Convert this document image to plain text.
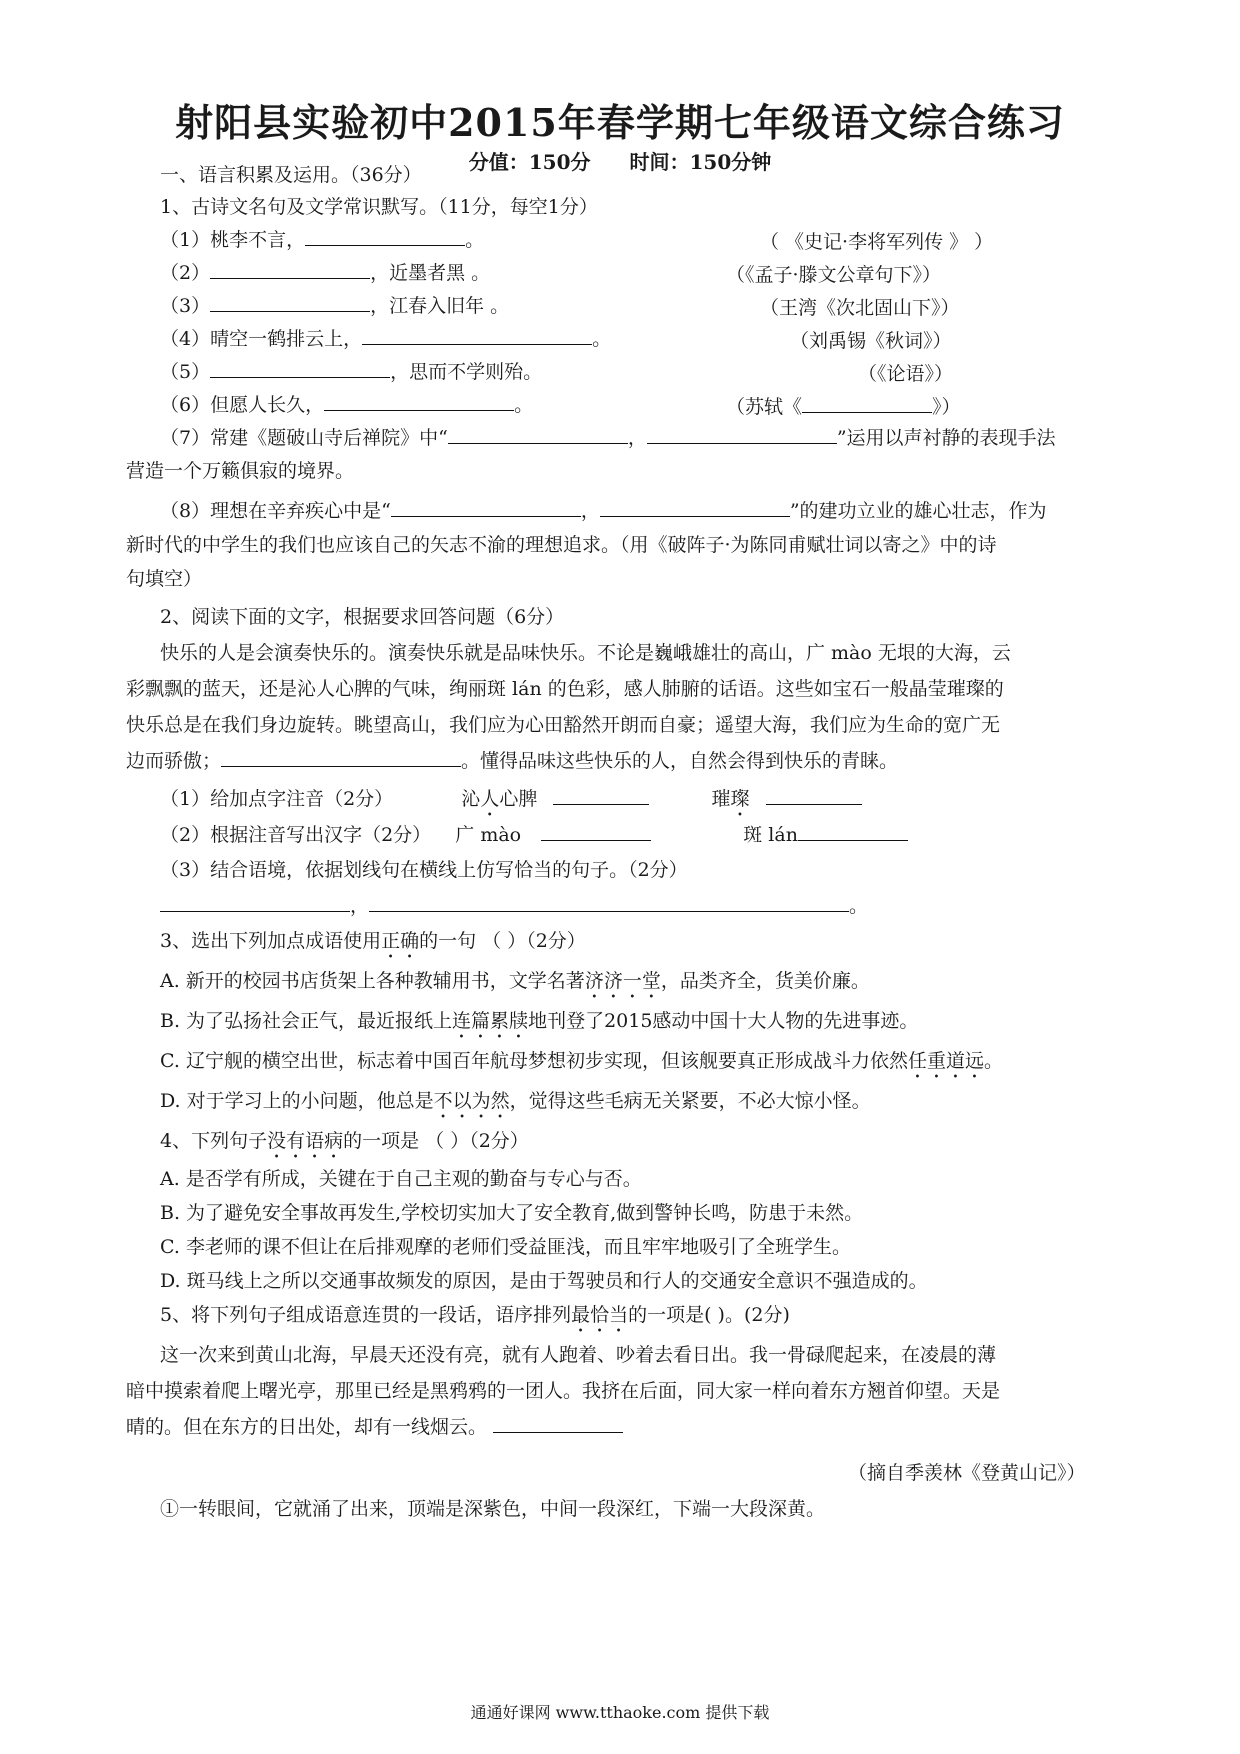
射阳县实验初中2015年春学期七年级语文综合练习
分值：150分 时间：150分钟
一、语言积累及运用。（36分）
1、古诗文名句及文学常识默写。（11分，每空1分）
（1）桃李不言，	。	（ 《史记·李将军列传 》 ）
（2）	，近墨者黑 。	（《孟子·滕文公章句下》）
（3）	，江春入旧年 。	（王湾《次北固山下》）
（4）晴空一鹤排云上，	。	（刘禹锡《秋词》）
（5）	，思而不学则殆。	（《论语》）
（6）但愿人长久，	。	（苏轼《	》）
（7）常建《题破山寺后禅院》中“	，	”运用以声衬静的表现手法
营造一个万籁俱寂的境界。
（8）理想在辛弃疾心中是“	，	”的建功立业的雄心壮志，作为
新时代的中学生的我们也应该自己的矢志不渝的理想追求。（用《破阵子·为陈同甫赋壮词以寄之》中的诗
句填空）
2、阅读下面的文字，根据要求回答问题（6分）
快乐的人是会演奏快乐的。演奏快乐就是品味快乐。不论是巍峨雄壮的高山，广 mào 无垠的大海，云
彩飘飘的蓝天，还是沁人心脾的气味，绚丽斑 lán 的色彩，感人肺腑的话语。这些如宝石一般晶莹璀璨的
快乐总是在我们身边旋转。眺望高山，我们应为心田豁然开朗而自豪；遥望大海，我们应为生命的宽广无
边而骄傲；	。懂得品味这些快乐的人，自然会得到快乐的青睐。
（1）给加点字注音（2分）	沁人心脾	璀璨
（2）根据注音写出汉字（2分） 广 mào	斑 lán
（3）结合语境，依据划线句在横线上仿写恰当的句子。（2分）
，	。
3、选出下列加点成语使用正确的一句 （ ）（2分）
A. 新开的校园书店货架上各种教辅用书，文学名著济济一堂，品类齐全，货美价廉。
B. 为了弘扬社会正气，最近报纸上连篇累牍地刊登了2015感动中国十大人物的先进事迹。
C. 辽宁舰的横空出世，标志着中国百年航母梦想初步实现，但该舰要真正形成战斗力依然任重道远。
D. 对于学习上的小问题，他总是不以为然，觉得这些毛病无关紧要，不必大惊小怪。
4、下列句子没有语病的一项是 （ ）（2分）
A. 是否学有所成，关键在于自己主观的勤奋与专心与否。
B. 为了避免安全事故再发生,学校切实加大了安全教育,做到警钟长鸣，防患于未然。
C. 李老师的课不但让在后排观摩的老师们受益匪浅，而且牢牢地吸引了全班学生。
D. 斑马线上之所以交通事故频发的原因，是由于驾驶员和行人的交通安全意识不强造成的。
5、将下列句子组成语意连贯的一段话，语序排列最恰当的一项是( )。(2分)
这一次来到黄山北海，早晨天还没有亮，就有人跑着、吵着去看日出。我一骨碌爬起来，在凌晨的薄
暗中摸索着爬上曙光亭，那里已经是黑鸦鸦的一团人。我挤在后面，同大家一样向着东方翘首仰望。天是
晴的。但在东方的日出处，却有一线烟云。
（摘自季羡林《登黄山记》）
①一转眼间，它就涌了出来，顶端是深紫色，中间一段深红，下端一大段深黄。
通通好课网 www.tthaoke.com 提供下载
